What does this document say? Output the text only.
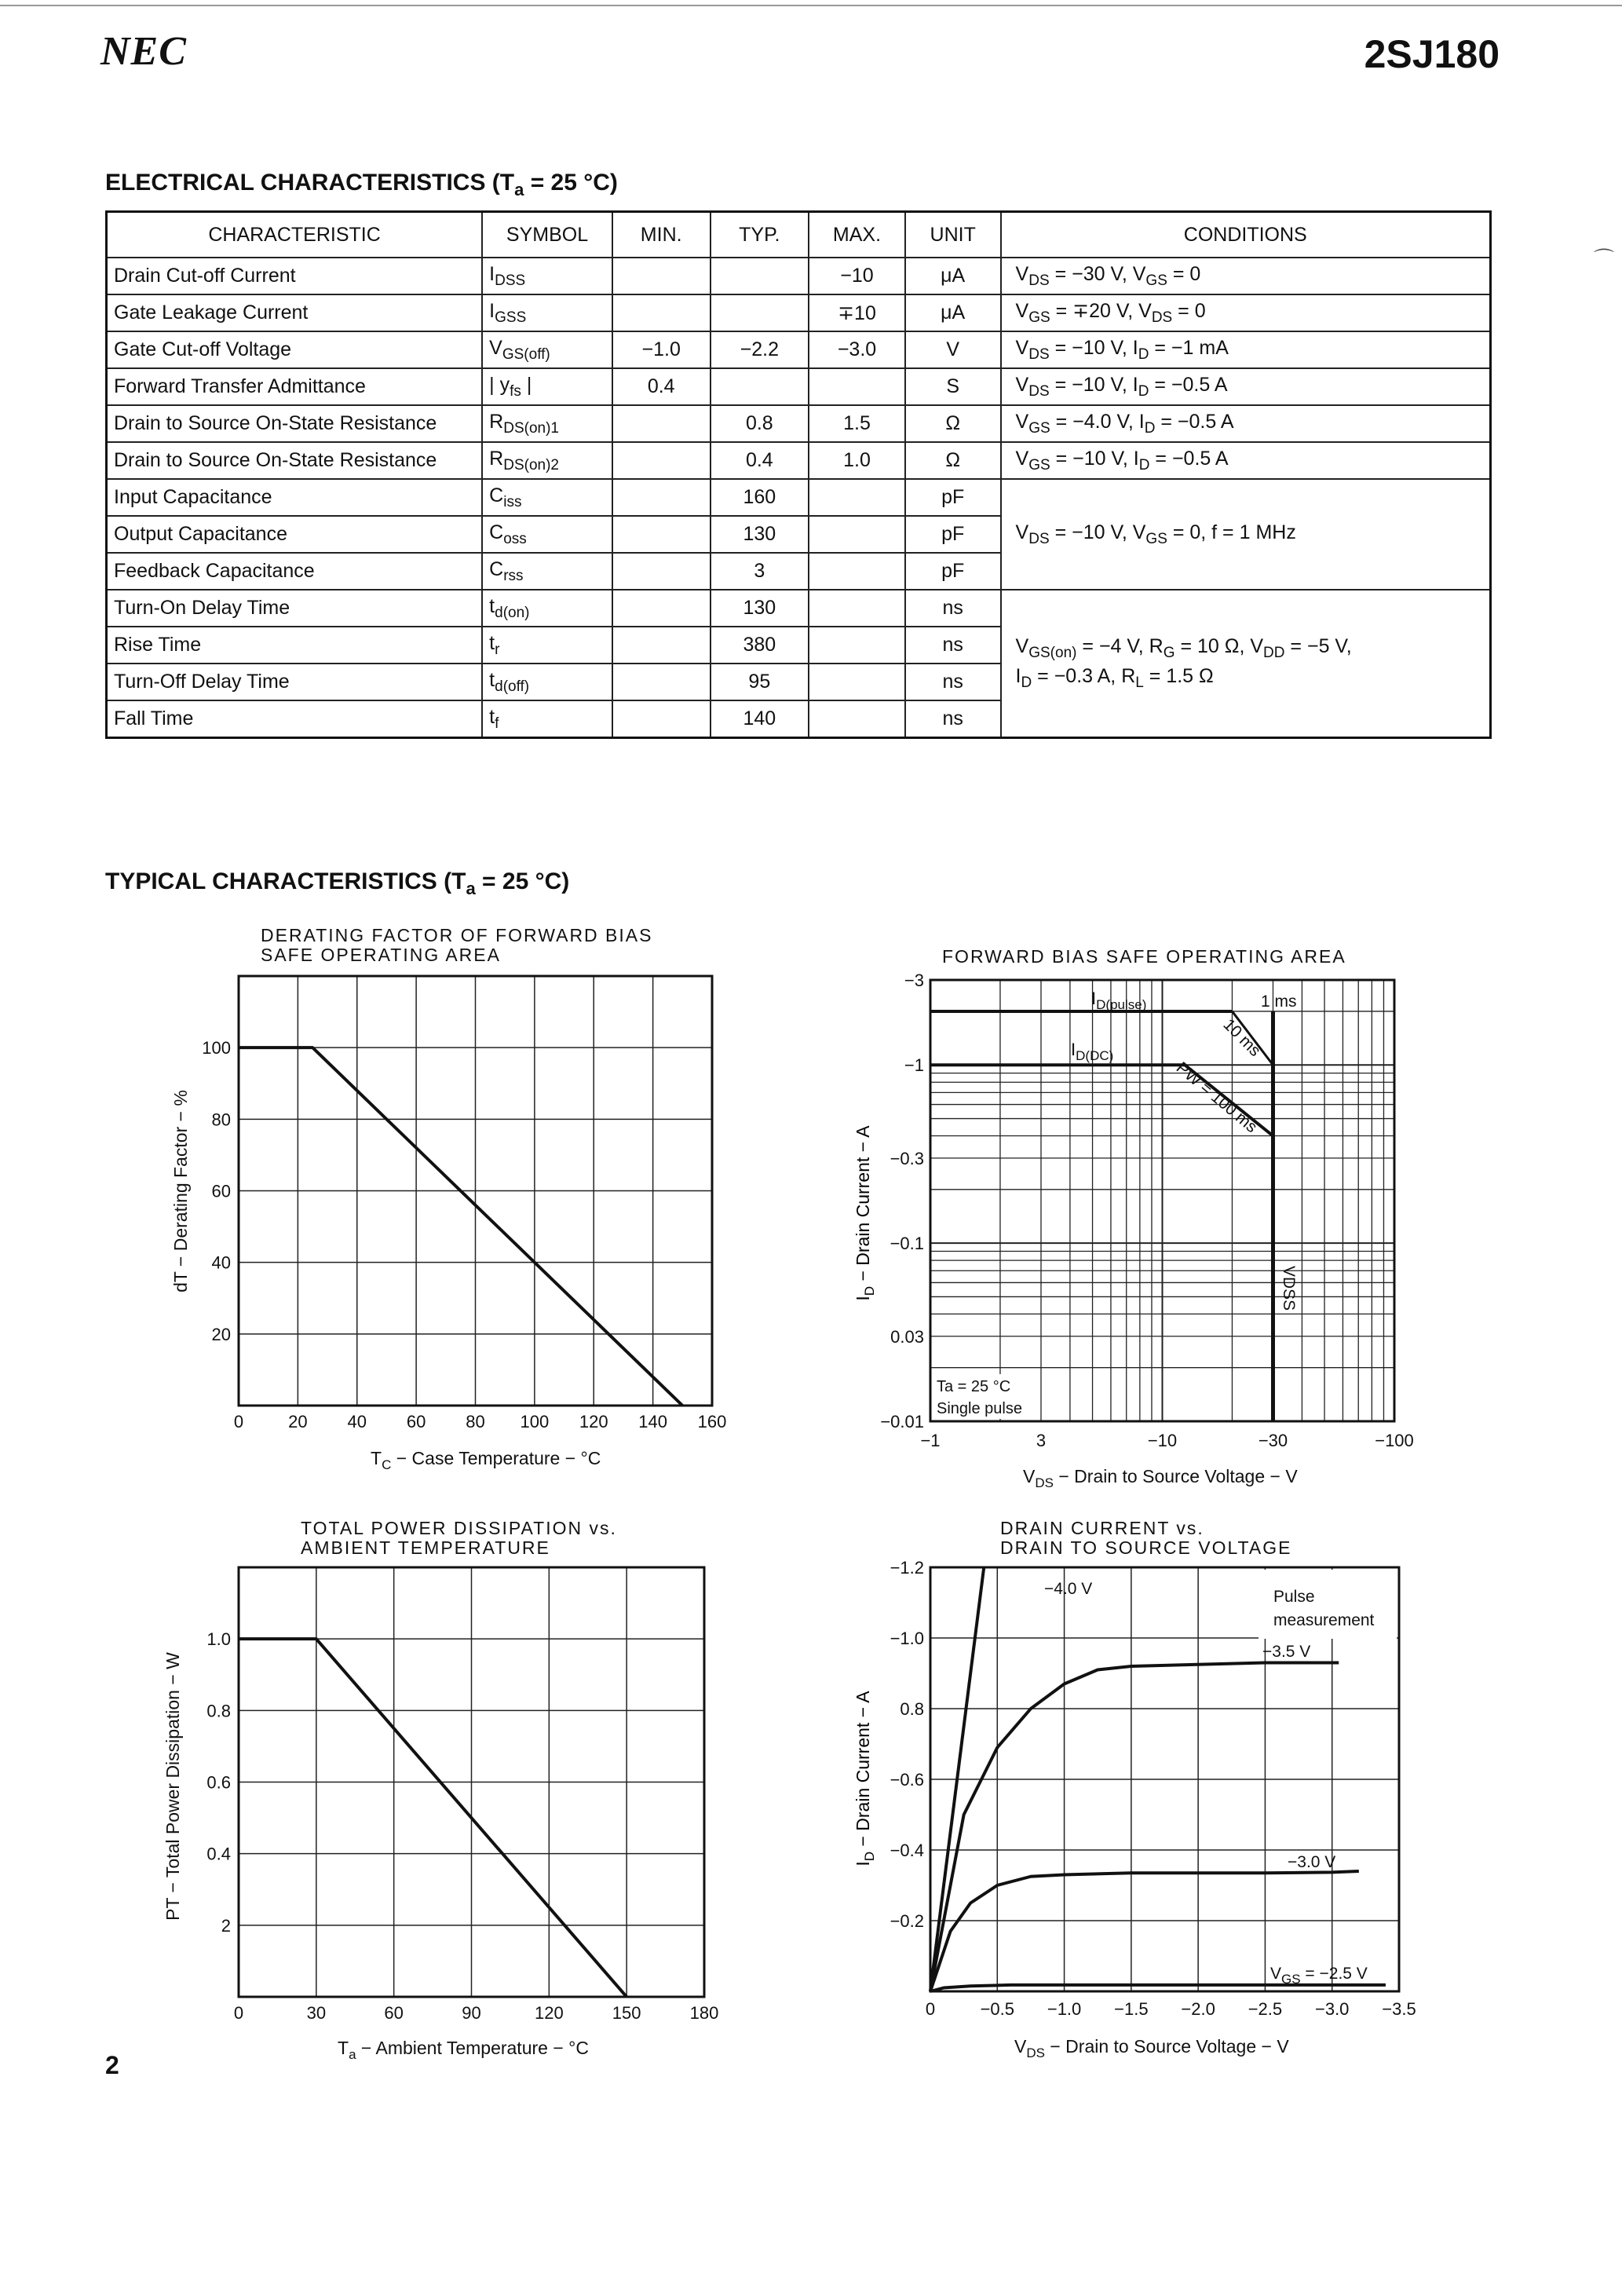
NEC	2SJ180
ELECTRICAL CHARACTERISTICS ($T_a = 25$ °C)
CHARACTERISTIC	SYMBOL	MIN.	TYP.	MAX.	UNIT	CONDITIONS
Drain Cut-off Current	$I_{DSS}$			−10	μA	$V_{DS} = -30$ V, $V_{GS} = 0$
Gate Leakage Current	$I_{GSS}$			∓10	μA	$V_{GS} = \mp 20$ V, $V_{DS} = 0$
Gate Cut-off Voltage	$V_{GS(off)}$	−1.0	−2.2	−3.0	V	$V_{DS} = -10$ V, $I_D = -1$ mA
Forward Transfer Admittance	| $y_{fs}$ |	0.4			S	$V_{DS} = -10$ V, $I_D = -0.5$ A
Drain to Source On-State Resistance	$R_{DS(on)1}$		0.8	1.5	Ω	$V_{GS} = -4.0$ V, $I_D = -0.5$ A
Drain to Source On-State Resistance	$R_{DS(on)2}$		0.4	1.0	Ω	$V_{GS} = -10$ V, $I_D = -0.5$ A
Input Capacitance	$C_{iss}$		160		pF	$V_{DS} = -10$ V, $V_{GS} = 0$, f = 1 MHz
Output Capacitance	$C_{oss}$		130		pF	
Feedback Capacitance	$C_{rss}$		3		pF	
Turn-On Delay Time	$t_{d(on)}$		130		ns	$V_{GS(on)} = -4$ V, $R_G = 10$ Ω, $V_{DD} = -5$ V,
$I_D = -0.3$ A, $R_L = 1.5$ Ω

Rise Time	$t_r$		380		ns	
Turn-Off Delay Time	$t_{d(off)}$		95		ns	
Fall Time	$t_f$		140		ns	
TYPICAL CHARACTERISTICS ($T_a = 25$ °C)
DERATING FACTOR OF FORWARD BIAS
SAFE OPERATING AREA
0	20 40 60 80 100 120 140 160
20
40
60
80
100
$T_C$ − Case Temperature − °C
dT − Derating Factor − %
FORWARD BIAS SAFE OPERATING AREA
−3
−1
−0.3
−0.1
0.03
−0.01
−1	3	−10	−30	−100
$I_{D(pulse)}$
$I_{D(DC)}$
1 ms
10 ms
PW = 100 ms
VDSS
Ta = 25 °C
Single pulse
$V_{DS}$ − Drain to Source Voltage − V
$I_D$ − Drain Current − A
TOTAL POWER DISSIPATION vs.
AMBIENT TEMPERATURE
0	30	60	90	120	150	180
2
0.4
0.6
0.8
1.0
$T_a$ − Ambient Temperature − °C
PT − Total Power Dissipation − W
DRAIN CURRENT vs.
DRAIN TO SOURCE VOLTAGE
0	−0.5 −1.0 −1.5 −2.0 −2.5 −3.0 −3.5
−0.2
−0.4
−0.6
0.8
−1.0
−1.2
−4.0 V
−3.5 V
−3.0 V
$V_{GS} = -2.5$ V
Pulse
measurement
$V_{DS}$ − Drain to Source Voltage − V
$I_D$ − Drain Current − A
⌒
2
